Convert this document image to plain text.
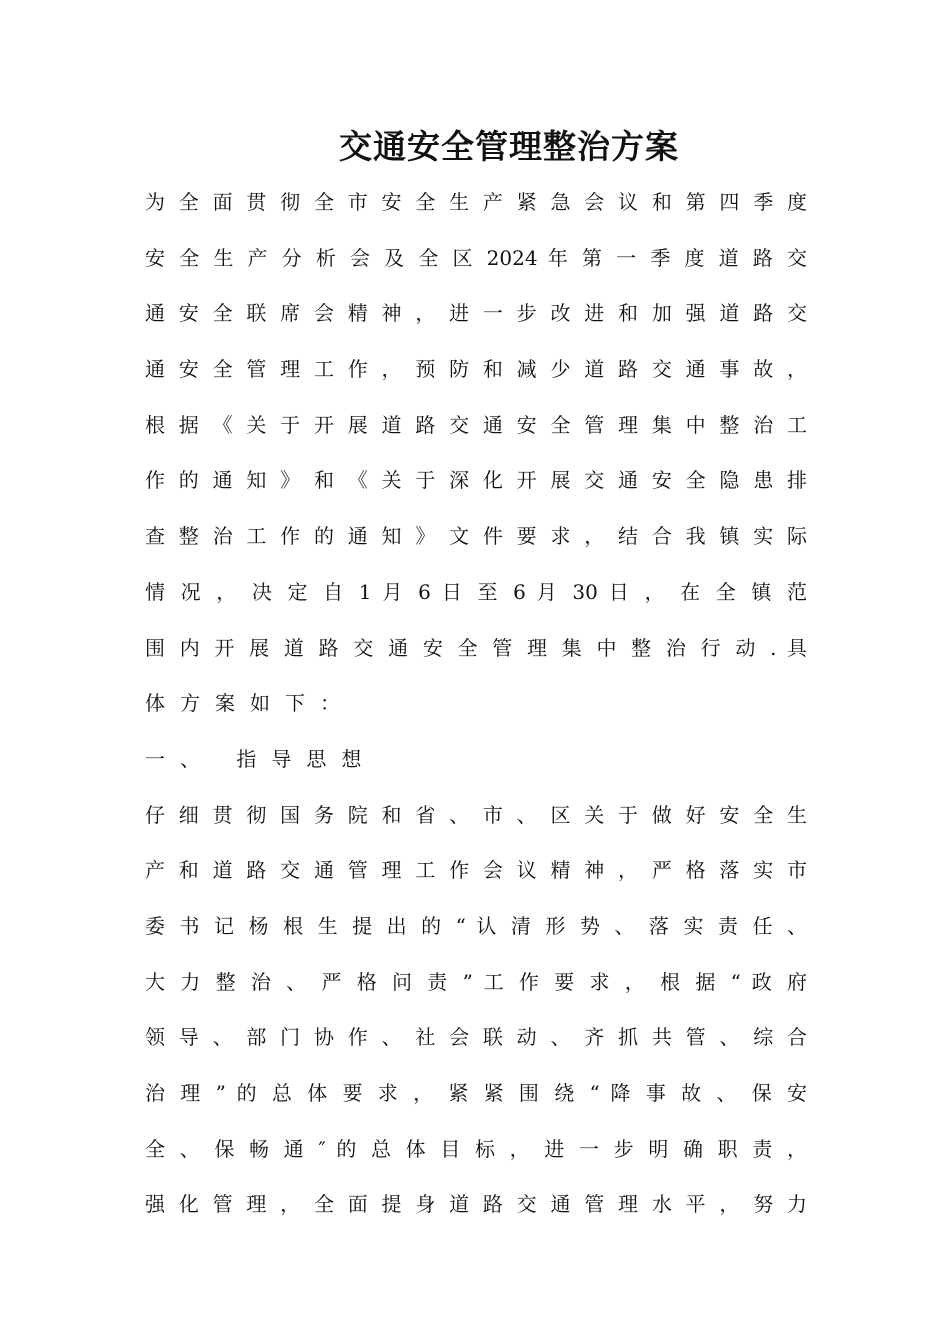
交通安全管理整治方案
为 全 面 贯 彻 全 市 安 全 生 产 紧 急 会 议 和 第 四 季 度
安 全 生 产 分 析 会 及 全 区 2024 年 第 一 季 度 道 路 交
通 安 全 联 席 会 精 神 ， 进 一 步 改 进 和 加 强 道 路 交
通 安 全 管 理 工 作 ， 预 防 和 减 少 道 路 交 通 事 故 ，
根 据 《 关 于 开 展 道 路 交 通 安 全 管 理 集 中 整 治 工
作 的 通 知 》 和 《 关 于 深 化 开 展 交 通 安 全 隐 患 排
查 整 治 工 作 的 通 知 》 文 件 要 求 ， 结 合 我 镇 实 际
情 况 ， 决 定 自 1 月 6 日 至 6 月 30 日 ， 在 全 镇 范
围 内 开 展 道 路 交 通 安 全 管 理 集 中 整 治 行 动 . 具
体方案如下：
一、 指导思想
仔 细 贯 彻 国 务 院 和 省 、 市 、 区 关 于 做 好 安 全 生
产 和 道 路 交 通 管 理 工 作 会 议 精 神 ， 严 格 落 实 市
委 书 记 杨 根 生 提 出 的 “ 认 清 形 势 、 落 实 责 任 、
大 力 整 治 、 严 格 问 责 ” 工 作 要 求 ， 根 据 “ 政 府
领 导 、 部 门 协 作 、 社 会 联 动 、 齐 抓 共 管 、 综 合
治 理 ” 的 总 体 要 求 ， 紧 紧 围 绕 “ 降 事 故 、 保 安
全 、 保 畅 通 ″ 的 总 体 目 标 ， 进 一 步 明 确 职 责 ，
强 化 管 理 ， 全 面 提 身 道 路 交 通 管 理 水 平 ， 努 力
